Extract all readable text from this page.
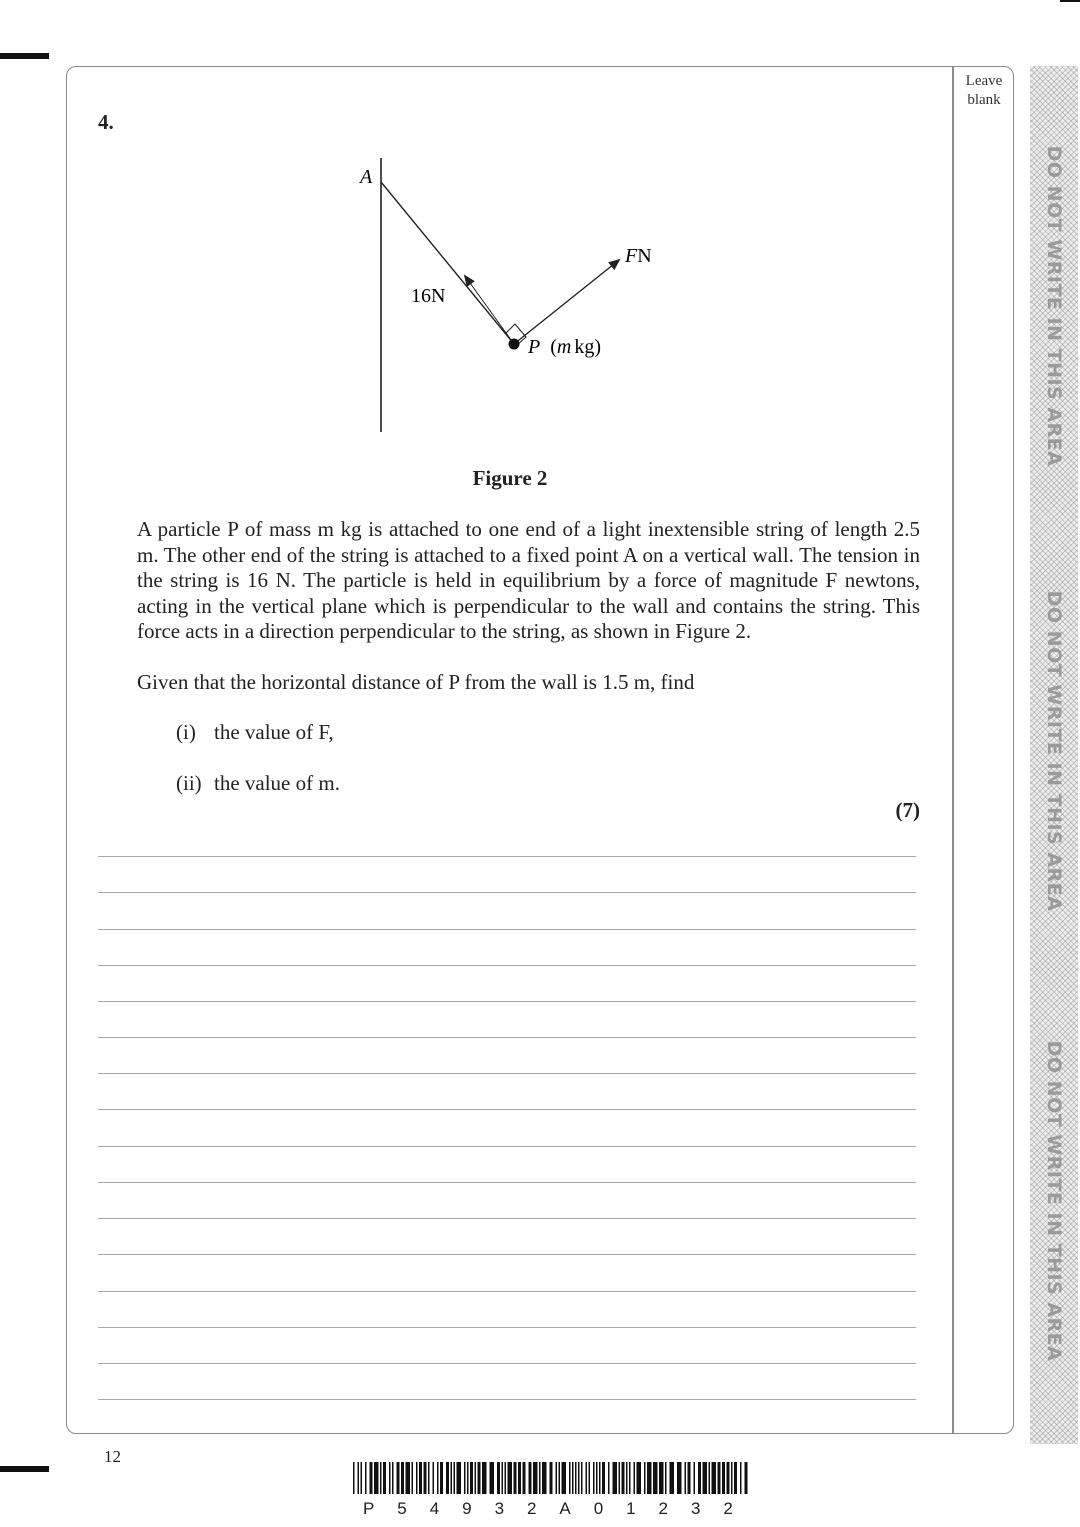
Leave
blank
DO NOT WRITE IN THIS AREA
DO NOT WRITE IN THIS AREA
DO NOT WRITE IN THIS AREA
4.
A
16N
FN
P (m kg)
Figure 2

A particle P of mass m kg is attached to one end of a light inextensible string of length 2.5 m. The other end of the string is attached to a fixed point A on a vertical wall. The tension in the string is 16 N. The particle is held in equilibrium by a force of magnitude F newtons, acting in the vertical plane which is perpendicular to the wall and contains the string. This force acts in a direction perpendicular to the string, as shown in Figure 2.

Given that the horizontal distance of P from the wall is 1.5 m, find

(i) the value of F,
(ii) the value of m.
(7)
12
P 5 4 9 3 2 A 0 1 2 3 2
